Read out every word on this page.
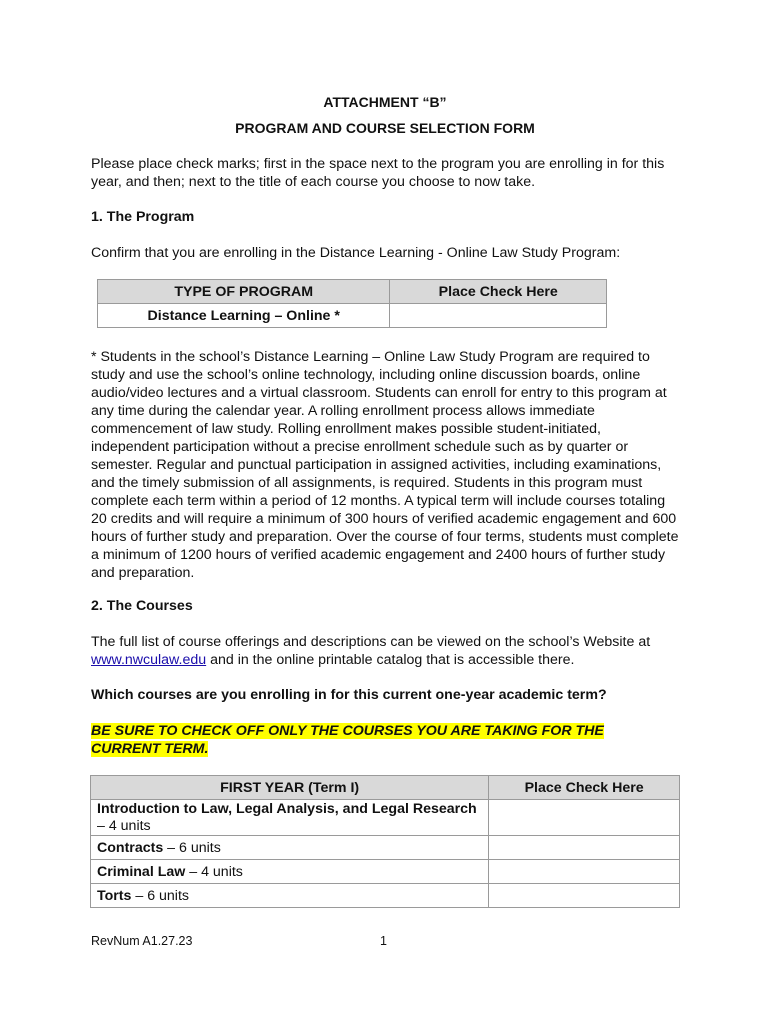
ATTACHMENT “B”
PROGRAM AND COURSE SELECTION FORM
Please place check marks; first in the space next to the program you are enrolling in for this year, and then; next to the title of each course you choose to now take.
1. The Program
Confirm that you are enrolling in the Distance Learning - Online Law Study Program:
TYPE OF PROGRAM	Place Check Here
Distance Learning – Online *	
* Students in the school’s Distance Learning – Online Law Study Program are required to study and use the school’s online technology, including online discussion boards, online audio/video lectures and a virtual classroom. Students can enroll for entry to this program at any time during the calendar year. A rolling enrollment process allows immediate commencement of law study. Rolling enrollment makes possible student-initiated, independent participation without a precise enrollment schedule such as by quarter or semester. Regular and punctual participation in assigned activities, including examinations, and the timely submission of all assignments, is required. Students in this program must complete each term within a period of 12 months. A typical term will include courses totaling 20 credits and will require a minimum of 300 hours of verified academic engagement and 600 hours of further study and preparation. Over the course of four terms, students must complete a minimum of 1200 hours of verified academic engagement and 2400 hours of further study and preparation.
2. The Courses
The full list of course offerings and descriptions can be viewed on the school’s Website at www.nwculaw.edu and in the online printable catalog that is accessible there.
Which courses are you enrolling in for this current one-year academic term?
BE SURE TO CHECK OFF ONLY THE COURSES YOU ARE TAKING FOR THE
CURRENT TERM.
FIRST YEAR (Term I)	Place Check Here
Introduction to Law, Legal Analysis, and Legal Research – 4 units	
Contracts – 6 units	
Criminal Law – 4 units	
Torts – 6 units	
RevNum A1.27.23	1
